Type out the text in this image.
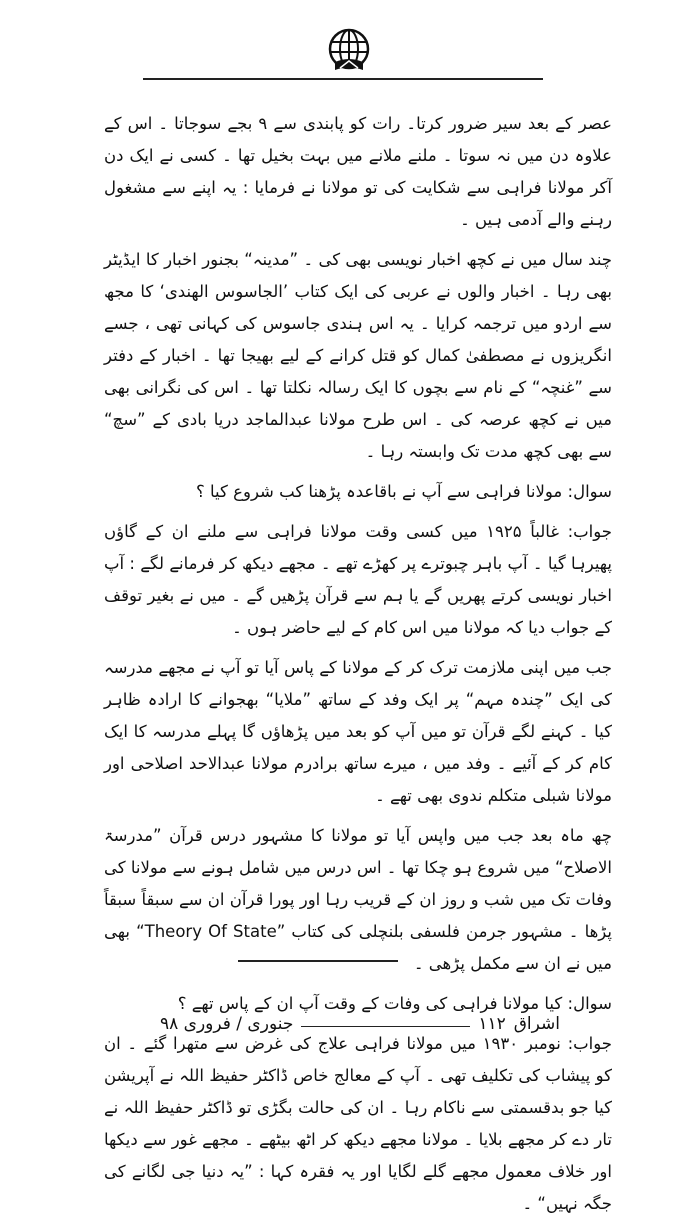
عصر کے بعد سیر ضرور کرتا۔ رات کو پابندی سے ۹ بجے سوجاتا ۔ اس کے علاوہ دن میں نہ سوتا ۔ ملنے ملانے میں بہت بخیل تھا ۔ کسی نے ایک دن آکر مولانا فراہی سے شکایت کی تو مولانا نے فرمایا : یہ اپنے سے مشغول رہنے والے آدمی ہیں ۔

چند سال میں نے کچھ اخبار نویسی بھی کی ۔ ”مدینہ“ بجنور اخبار کا ایڈیٹر بھی رہا ۔ اخبار والوں نے عربی کی ایک کتاب ’الجاسوس الهندی‘ کا مجھ سے اردو میں ترجمہ کرایا ۔ یہ اس ہندی جاسوس کی کہانی تھی ، جسے انگریزوں نے مصطفیٰ کمال کو قتل کرانے کے لیے بھیجا تھا ۔ اخبار کے دفتر سے ”غنچہ“ کے نام سے بچوں کا ایک رسالہ نکلتا تھا ۔ اس کی نگرانی بھی میں نے کچھ عرصہ کی ۔ اس طرح مولانا عبدالماجد دریا بادی کے ”سچ“ سے بھی کچھ مدت تک وابستہ رہا ۔

سوال: مولانا فراہی سے آپ نے باقاعدہ پڑھنا کب شروع کیا ؟

جواب: غالباً ۱۹۲۵ میں کسی وقت مولانا فراہی سے ملنے ان کے گاؤں پھیرہا گیا ۔ آپ باہر چبوترے پر کھڑے تھے ۔ مجھے دیکھ کر فرمانے لگے : آپ اخبار نویسی کرتے پھریں گے یا ہم سے قرآن پڑھیں گے ۔ میں نے بغیر توقف کے جواب دیا کہ مولانا میں اس کام کے لیے حاضر ہوں ۔

جب میں اپنی ملازمت ترک کر کے مولانا کے پاس آیا تو آپ نے مجھے مدرسہ کی ایک ”چندہ مہم“ پر ایک وفد کے ساتھ ”ملایا“ بھجوانے کا ارادہ ظاہر کیا ۔ کہنے لگے قرآن تو میں آپ کو بعد میں پڑھاؤں گا پہلے مدرسہ کا ایک کام کر کے آئیے ۔ وفد میں ، میرے ساتھ برادرم مولانا عبدالاحد اصلاحی اور مولانا شبلی متکلم ندوی بھی تھے ۔

چھ ماہ بعد جب میں واپس آیا تو مولانا کا مشہور درس قرآن ”مدرسۃ الاصلاح“ میں شروع ہو چکا تھا ۔ اس درس میں شامل ہونے سے مولانا کی وفات تک میں شب و روز ان کے قریب رہا اور پورا قرآن ان سے سبقاً سبقاً پڑھا ۔ مشہور جرمن فلسفی بلنچلی کی کتاب ”Theory Of State“ بھی میں نے ان سے مکمل پڑھی ۔

سوال: کیا مولانا فراہی کی وفات کے وقت آپ ان کے پاس تھے ؟

جواب: نومبر ۱۹۳۰ میں مولانا فراہی علاج کی غرض سے متھرا گئے ۔ ان کو پیشاب کی تکلیف تھی ۔ آپ کے معالج خاص ڈاکٹر حفیظ اللہ نے آپریشن کیا جو بدقسمتی سے ناکام رہا ۔ ان کی حالت بگڑی تو ڈاکٹر حفیظ اللہ نے تار دے کر مجھے بلایا ۔ مولانا مجھے دیکھ کر اٹھ بیٹھے ۔ مجھے غور سے دیکھا اور خلاف معمول مجھے گلے لگایا اور یہ فقرہ کہا : ”یہ دنیا جی لگانے کی جگہ نہیں“ ۔

اشراق
۱۱۲
جنوری / فروری ۹۸
